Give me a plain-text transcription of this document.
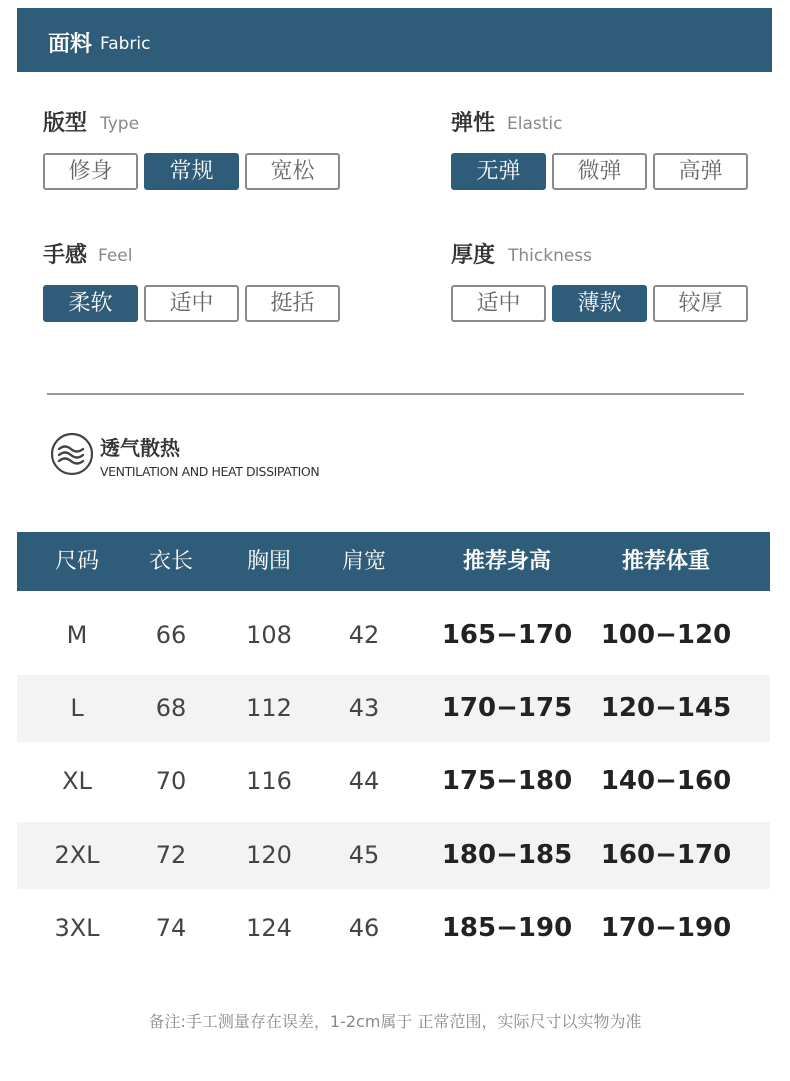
面料 Fabric
版型 Type
修身	常规	宽松
弹性 Elastic
无弹	微弹	高弹
手感 Feel
柔软	适中	挺括
厚度 Thickness
适中	薄款	较厚
透气散热
VENTILATION AND HEAT DISSIPATION
尺码	衣长	胸围	肩宽	推荐身高	推荐体重
M	66	108	42	165−170	100−120
L	68	112	43	170−175	120−145
XL	70	116	44	175−180	140−160
2XL	72	120	45	180−185	160−170
3XL	74	124	46	185−190	170−190
备注:手工测量存在误差，1-2cm属于 正常范围，实际尺寸以实物为准
